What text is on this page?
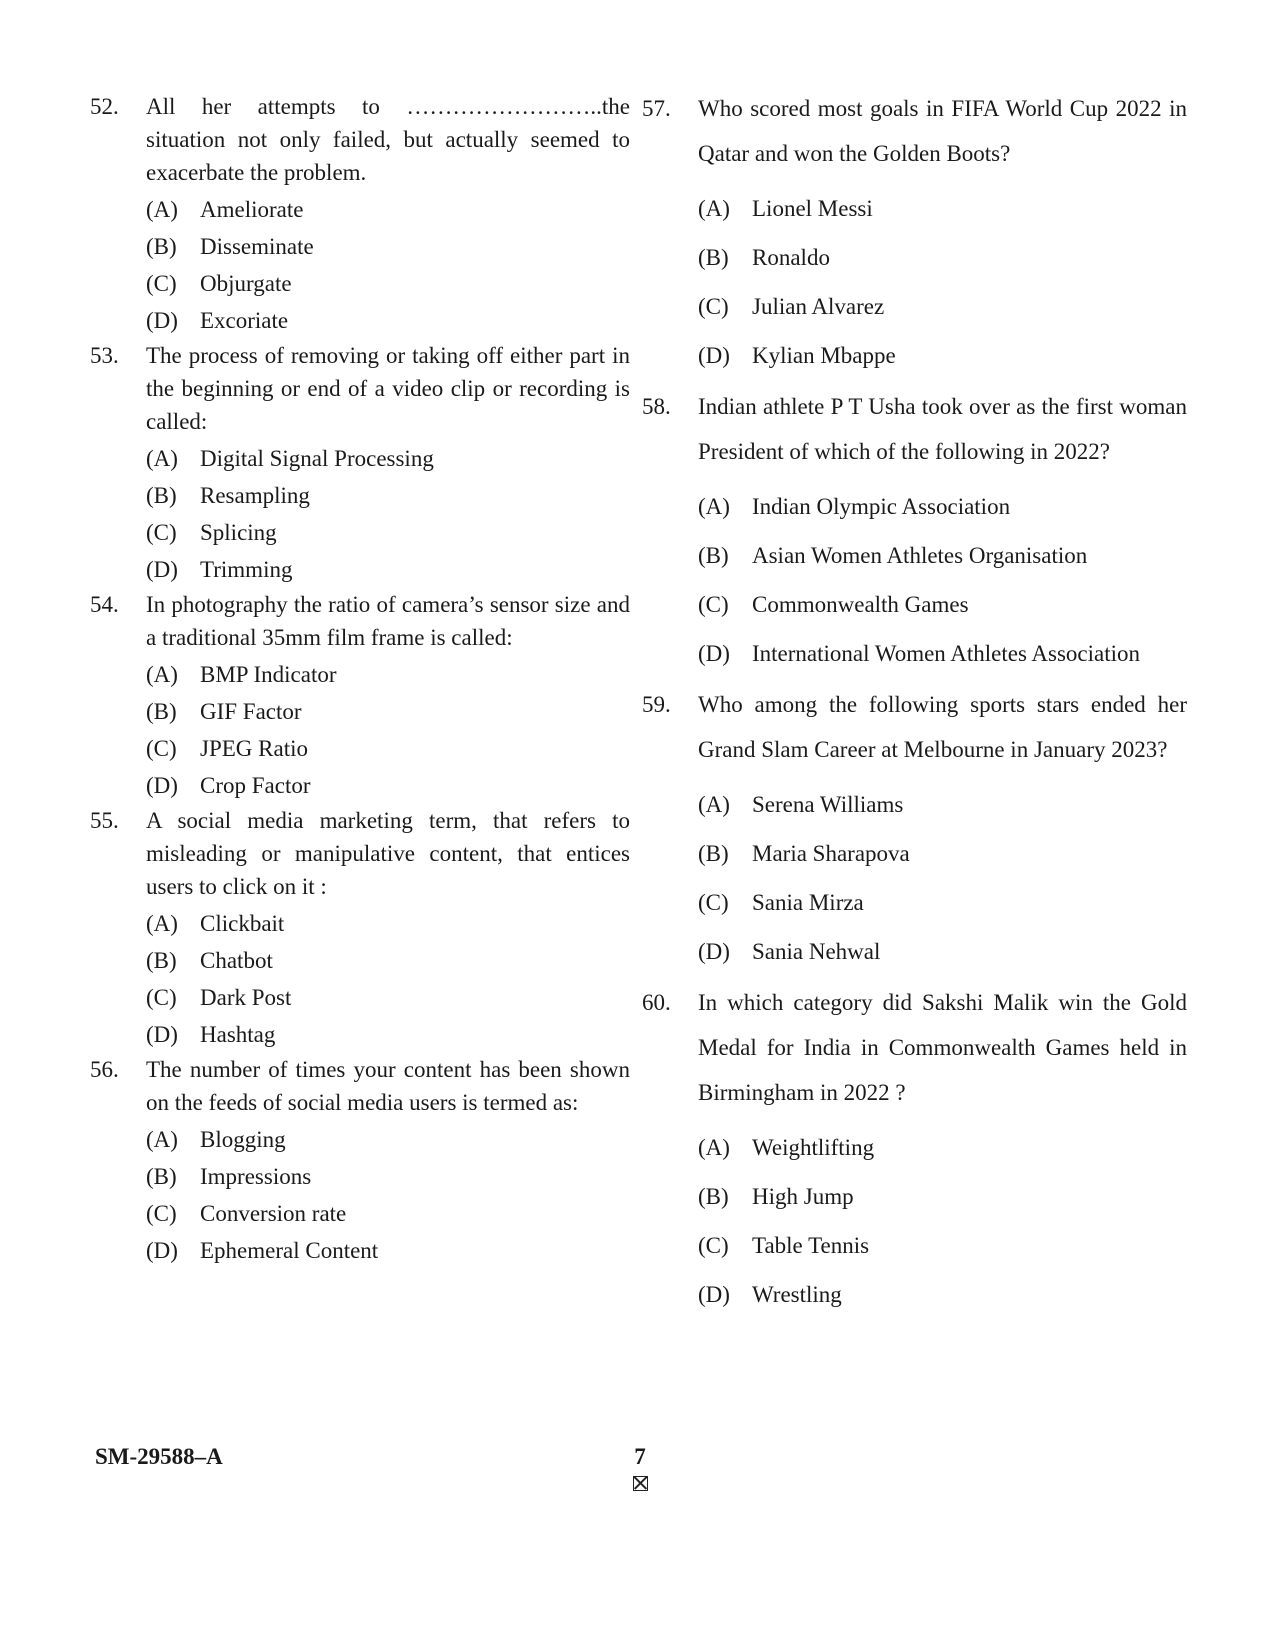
52. All her attempts to ……………………..the situation not only failed, but actually seemed to exacerbate the problem.
(A) Ameliorate
(B)	Disseminate
(C)	Objurgate
(D) Excoriate
53. The process of removing or taking off either part in the beginning or end of a video clip or recording is called:
(A) Digital Signal Processing
(B)	Resampling
(C)	Splicing
(D) Trimming
54. In photography the ratio of camera’s sensor size and a traditional 35mm film frame is called:
(A) BMP Indicator
(B)	GIF Factor
(C)	JPEG Ratio
(D) Crop Factor
55. A social media marketing term, that refers to misleading or manipulative content, that entices users to click on it :
(A) Clickbait
(B)	Chatbot
(C)	Dark Post
(D) Hashtag
56. The number of times your content has been shown on the feeds of social media users is termed as:
(A) Blogging
(B)	Impressions
(C)	Conversion rate
(D) Ephemeral Content
57. Who scored most goals in FIFA World Cup 2022 in Qatar and won the Golden Boots?
(A) Lionel Messi
(B)	Ronaldo
(C)	Julian Alvarez
(D) Kylian Mbappe
58. Indian athlete P T Usha took over as the first woman President of which of the following in 2022?
(A) Indian Olympic Association
(B)	Asian Women Athletes Organisation
(C)	Commonwealth Games
(D) International Women Athletes Association
59. Who among the following sports stars ended her Grand Slam Career at Melbourne in January 2023?
(A) Serena Williams
(B)	Maria Sharapova
(C)	Sania Mirza
(D) Sania Nehwal
60. In which category did Sakshi Malik win the Gold Medal for India in Commonwealth Games held in Birmingham in 2022 ?
(A) Weightlifting
(B)	High Jump
(C)	Table Tennis
(D) Wrestling
SM-29588–A	7
